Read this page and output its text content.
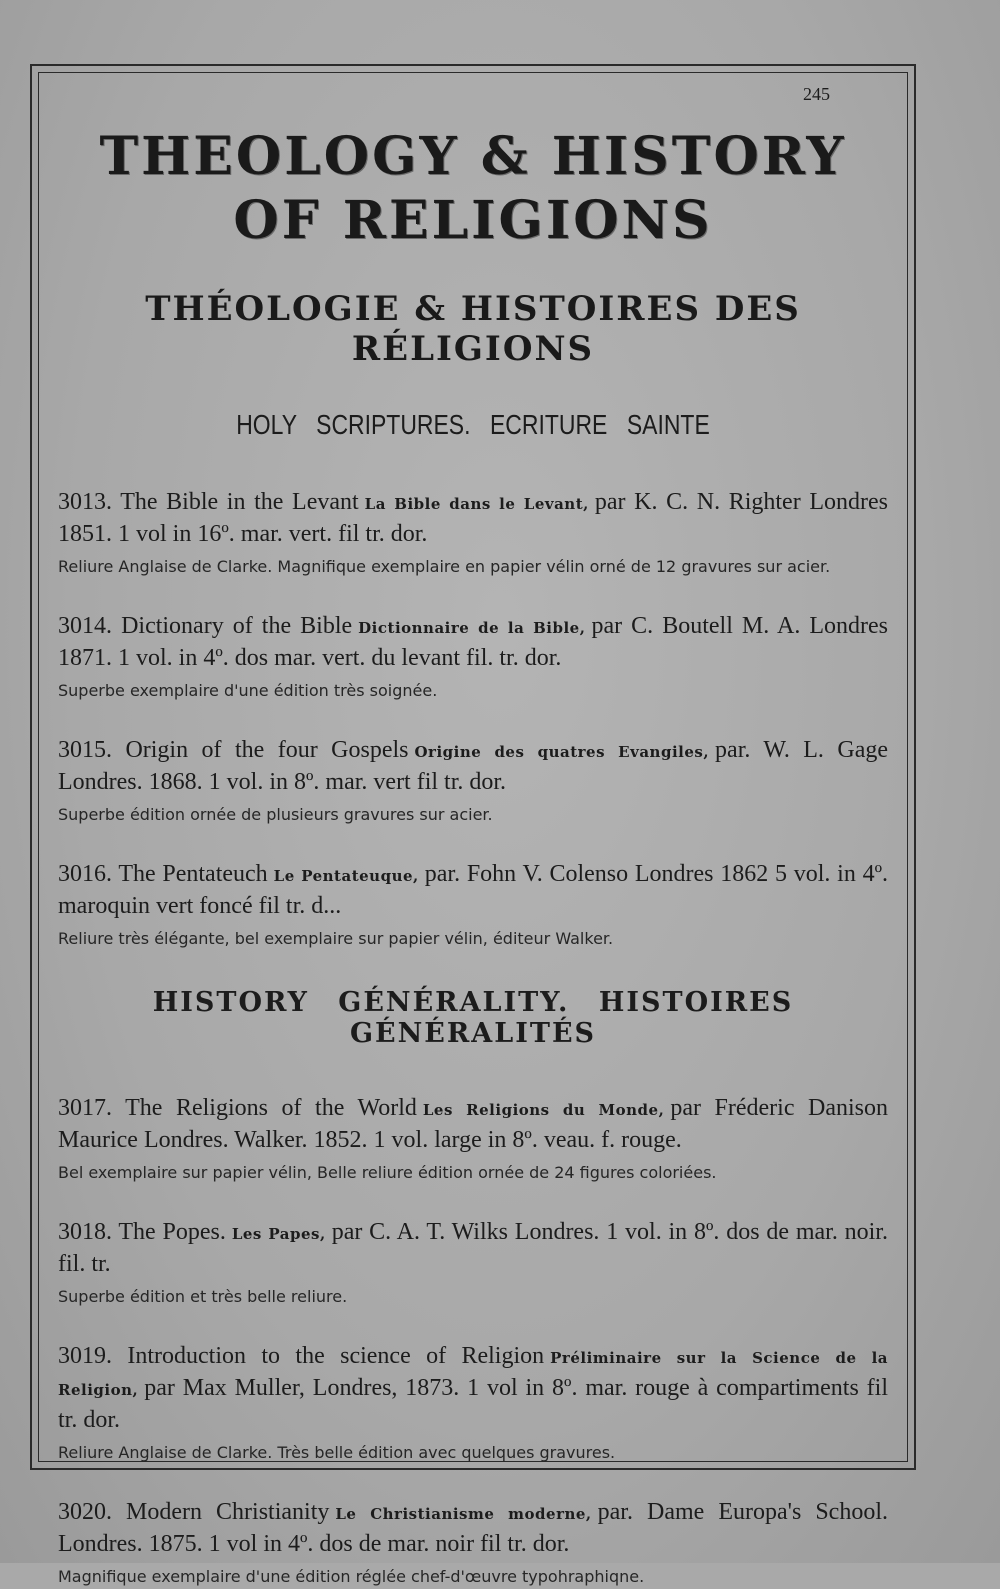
245
THEOLOGY & HISTORY OF RELIGIONS
THÉOLOGIE & HISTOIRES DES RÉLIGIONS
HOLY SCRIPTURES. ECRITURE SAINTE
3013. The Bible in the Levant La Bible dans le Levant, par K. C. N. Righter Londres 1851. 1 vol in 16º. mar. vert. fil tr. dor.
Reliure Anglaise de Clarke. Magnifique exemplaire en papier vélin orné de 12 gravures sur acier.
3014. Dictionary of the Bible Dictionnaire de la Bible, par C. Boutell M. A. Londres 1871. 1 vol. in 4º. dos mar. vert. du levant fil. tr. dor.
Superbe exemplaire d'une édition très soignée.
3015. Origin of the four Gospels Origine des quatres Evangiles, par. W. L. Gage Londres. 1868. 1 vol. in 8º. mar. vert fil tr. dor.
Superbe édition ornée de plusieurs gravures sur acier.
3016. The Pentateuch Le Pentateuque, par. Fohn V. Colenso Londres 1862 5 vol. in 4º. maroquin vert foncé fil tr. d...
Reliure très élégante, bel exemplaire sur papier vélin, éditeur Walker.
HISTORY GÉNÉRALITY. HISTOIRES GÉNÉRALITÉS
3017. The Religions of the World Les Religions du Monde, par Fréderic Danison Maurice Londres. Walker. 1852. 1 vol. large in 8º. veau. f. rouge.
Bel exemplaire sur papier vélin, Belle reliure édition ornée de 24 figures coloriées.
3018. The Popes. Les Papes, par C. A. T. Wilks Londres. 1 vol. in 8º. dos de mar. noir. fil. tr.
Superbe édition et très belle reliure.
3019. Introduction to the science of Religion Préliminaire sur la Science de la Religion, par Max Muller, Londres, 1873. 1 vol in 8º. mar. rouge à compartiments fil tr. dor.
Reliure Anglaise de Clarke. Très belle édition avec quelques gravures.
3020. Modern Christianity Le Christianisme moderne, par. Dame Europa's School. Londres. 1875. 1 vol in 4º. dos de mar. noir fil tr. dor.
Magnifique exemplaire d'une édition réglée chef-d'œuvre typohraphiqne.
